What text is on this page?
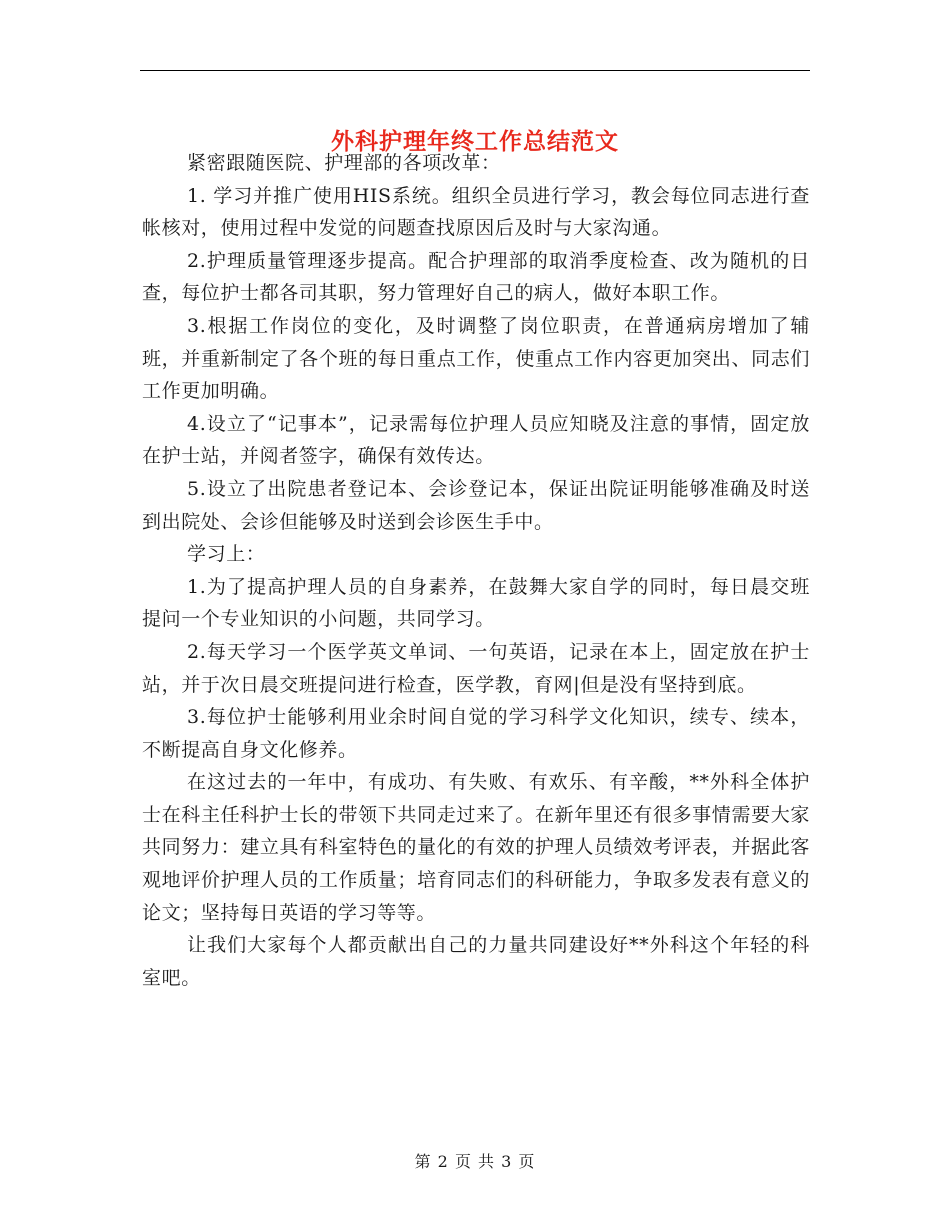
外科护理年终工作总结范文

紧密跟随医院、护理部的各项改革：

1. 学习并推广使用HIS系统。组织全员进行学习，教会每位同志进行查帐核对，使用过程中发觉的问题查找原因后及时与大家沟通。

2.护理质量管理逐步提高。配合护理部的取消季度检查、改为随机的日查，每位护士都各司其职，努力管理好自己的病人，做好本职工作。

3.根据工作岗位的变化，及时调整了岗位职责，在普通病房增加了辅班，并重新制定了各个班的每日重点工作，使重点工作内容更加突出、同志们工作更加明确。

4.设立了“记事本”，记录需每位护理人员应知晓及注意的事情，固定放在护士站，并阅者签字，确保有效传达。

5.设立了出院患者登记本、会诊登记本，保证出院证明能够准确及时送到出院处、会诊但能够及时送到会诊医生手中。

学习上：

1.为了提高护理人员的自身素养，在鼓舞大家自学的同时，每日晨交班提问一个专业知识的小问题，共同学习。

2.每天学习一个医学英文单词、一句英语，记录在本上，固定放在护士站，并于次日晨交班提问进行检查，医学教，育网|但是没有坚持到底。

3.每位护士能够利用业余时间自觉的学习科学文化知识，续专、续本，不断提高自身文化修养。

在这过去的一年中，有成功、有失败、有欢乐、有辛酸，**外科全体护士在科主任科护士长的带领下共同走过来了。在新年里还有很多事情需要大家共同努力：建立具有科室特色的量化的有效的护理人员绩效考评表，并据此客观地评价护理人员的工作质量；培育同志们的科研能力，争取多发表有意义的论文；坚持每日英语的学习等等。

让我们大家每个人都贡献出自己的力量共同建设好**外科这个年轻的科室吧。

第 2 页 共 3 页
